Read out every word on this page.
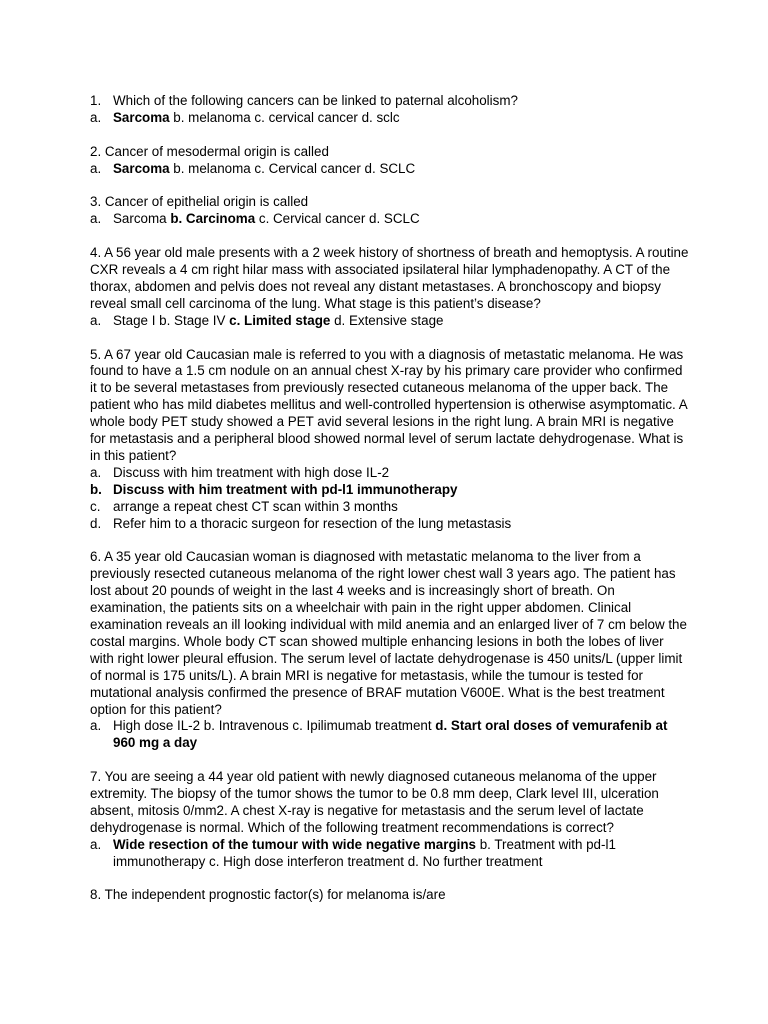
1. Which of the following cancers can be linked to paternal alcoholism?
a. Sarcoma b. melanoma c. cervical cancer d. sclc
2. Cancer of mesodermal origin is called
a. Sarcoma b. melanoma c. Cervical cancer d. SCLC
3. Cancer of epithelial origin is called
a. Sarcoma b. Carcinoma c. Cervical cancer d. SCLC
4. A 56 year old male presents with a 2 week history of shortness of breath and hemoptysis. A routine CXR reveals a 4 cm right hilar mass with associated ipsilateral hilar lymphadenopathy. A CT of the thorax, abdomen and pelvis does not reveal any distant metastases. A bronchoscopy and biopsy reveal small cell carcinoma of the lung. What stage is this patient’s disease?
a. Stage I b. Stage IV c. Limited stage d. Extensive stage
5. A 67 year old Caucasian male is referred to you with a diagnosis of metastatic melanoma. He was found to have a 1.5 cm nodule on an annual chest X-ray by his primary care provider who confirmed it to be several metastases from previously resected cutaneous melanoma of the upper back. The patient who has mild diabetes mellitus and well-controlled hypertension is otherwise asymptomatic. A whole body PET study showed a PET avid several lesions in the right lung. A brain MRI is negative for metastasis and a peripheral blood showed normal level of serum lactate dehydrogenase. What is in this patient?
a. Discuss with him treatment with high dose IL-2
b. Discuss with him treatment with pd-l1 immunotherapy
c. arrange a repeat chest CT scan within 3 months
d. Refer him to a thoracic surgeon for resection of the lung metastasis
6. A 35 year old Caucasian woman is diagnosed with metastatic melanoma to the liver from a previously resected cutaneous melanoma of the right lower chest wall 3 years ago. The patient has lost about 20 pounds of weight in the last 4 weeks and is increasingly short of breath. On examination, the patients sits on a wheelchair with pain in the right upper abdomen. Clinical examination reveals an ill looking individual with mild anemia and an enlarged liver of 7 cm below the costal margins. Whole body CT scan showed multiple enhancing lesions in both the lobes of liver with right lower pleural effusion. The serum level of lactate dehydrogenase is 450 units/L (upper limit of normal is 175 units/L). A brain MRI is negative for metastasis, while the tumour is tested for mutational analysis confirmed the presence of BRAF mutation V600E. What is the best treatment option for this patient?
a. High dose IL-2 b. Intravenous c. Ipilimumab treatment d. Start oral doses of vemurafenib at 960 mg a day
7. You are seeing a 44 year old patient with newly diagnosed cutaneous melanoma of the upper extremity. The biopsy of the tumor shows the tumor to be 0.8 mm deep, Clark level III, ulceration absent, mitosis 0/mm2. A chest X-ray is negative for metastasis and the serum level of lactate dehydrogenase is normal. Which of the following treatment recommendations is correct?
a. Wide resection of the tumour with wide negative margins b. Treatment with pd-l1 immunotherapy c. High dose interferon treatment d. No further treatment
8. The independent prognostic factor(s) for melanoma is/are
